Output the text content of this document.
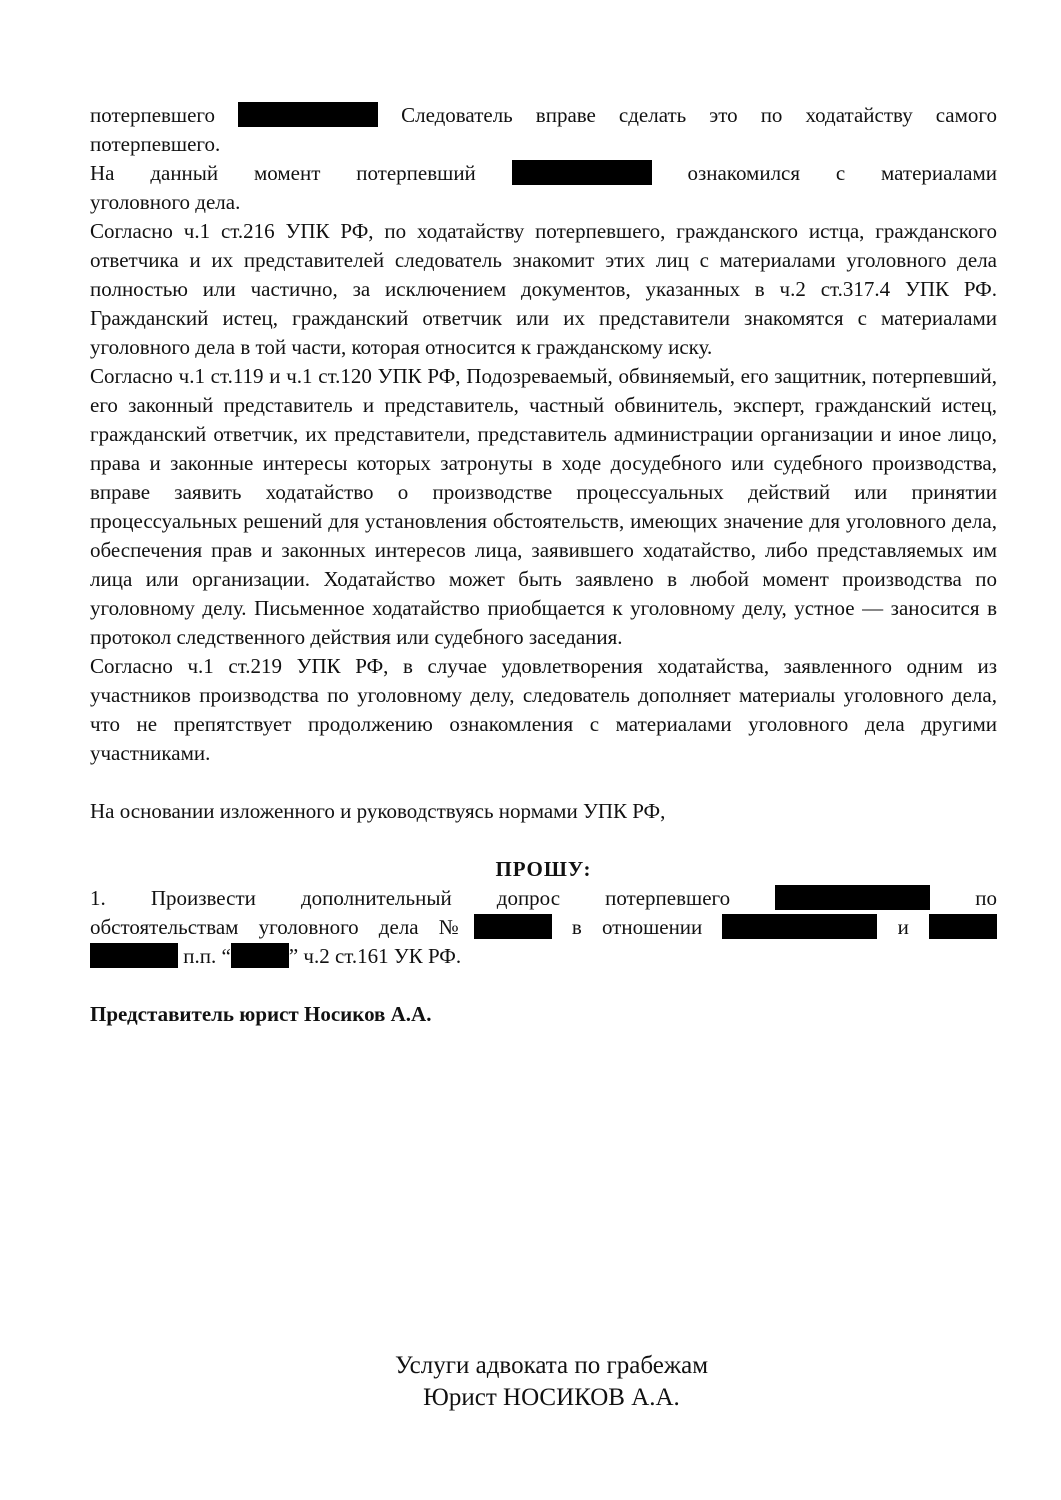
потерпевшего	Следователь вправе сделать это по ходатайству самого

потерпевшего.

На данный момент потерпевший	ознакомился с материалами

уголовного дела.

Согласно ч.1 ст.216 УПК РФ, по ходатайству потерпевшего, гражданского истца, гражданского ответчика и их представителей следователь знакомит этих лиц с материалами уголовного дела полностью или частично, за исключением документов, указанных в ч.2 ст.317.4 УПК РФ. Гражданский истец, гражданский ответчик или их представители знакомятся с материалами уголовного дела в той части, которая относится к гражданскому иску.

Согласно ч.1 ст.119 и ч.1 ст.120 УПК РФ, Подозреваемый, обвиняемый, его защитник, потерпевший, его законный представитель и представитель, частный обвинитель, эксперт, гражданский истец, гражданский ответчик, их представители, представитель администрации организации и иное лицо, права и законные интересы которых затронуты в ходе досудебного или судебного производства, вправе заявить ходатайство о производстве процессуальных действий или принятии процессуальных решений для установления обстоятельств, имеющих значение для уголовного дела, обеспечения прав и законных интересов лица, заявившего ходатайство, либо представляемых им лица или организации. Ходатайство может быть заявлено в любой момент производства по уголовному делу. Письменное ходатайство приобщается к уголовному делу, устное — заносится в протокол следственного действия или судебного заседания.

Согласно ч.1 ст.219 УПК РФ, в случае удовлетворения ходатайства, заявленного одним из участников производства по уголовному делу, следователь дополняет материалы уголовного дела, что не препятствует продолжению ознакомления с материалами уголовного дела другими участниками.

На основании изложенного и руководствуясь нормами УПК РФ,

ПРОШУ:

1. Произвести дополнительный допрос потерпевшего	по

обстоятельствам уголовного дела №	в отношении	и

п.п. “	” ч.2 ст.161 УК РФ.

Представитель юрист Носиков А.А.

Услуги адвоката по грабежам
Юрист НОСИКОВ А.А.
